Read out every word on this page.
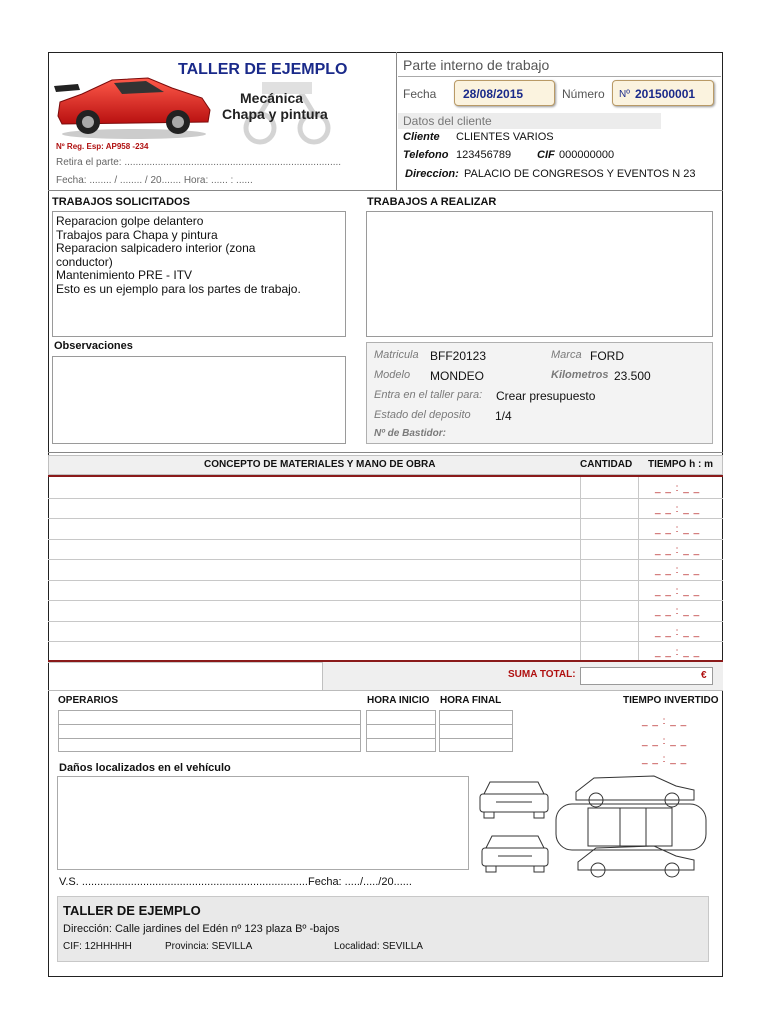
TALLER DE EJEMPLO
Mecánica
Chapa y pintura
Nº Reg. Esp: AP958 -234
Retira el parte: ..............................................................................
Fecha: ........ / ........ / 20....... Hora: ...... : ......
Parte interno de trabajo
Fecha 28/08/2015	Número Nº 201500001
Datos del cliente
Cliente CLIENTES VARIOS
Telefono 123456789 CIF 000000000
Direccion: PALACIO DE CONGRESOS Y EVENTOS N 23
TRABAJOS SOLICITADOS
Reparacion golpe delantero
Trabajos para Chapa y pintura
Reparacion salpicadero interior (zona
conductor)
Mantenimiento PRE - ITV
Esto es un ejemplo para los partes de trabajo.
TRABAJOS A REALIZAR
Observaciones
Matricula BFF20123	Marca FORD
Modelo MONDEO	Kilometros 23.500
Entra en el taller para: Crear presupuesto
Estado del deposito 1/4
Nº de Bastidor:
CONCEPTO DE MATERIALES Y MANO DE OBRA	CANTIDAD TIEMPO h : m
_ _ : _ _
_ _ : _ _
_ _ : _ _
_ _ : _ _
_ _ : _ _
_ _ : _ _
_ _ : _ _
_ _ : _ _
_ _ : _ _
SUMA TOTAL:	€
OPERARIOS	HORA INICIO HORA FINAL	TIEMPO INVERTIDO
_ _ : _ _
_ _ : _ _
_ _ : _ _
Daños localizados en el vehículo
V.S. ..........................................................................Fecha: ...../...../20......
TALLER DE EJEMPLO
Dirección: Calle jardines del Edén nº 123 plaza Bº -bajos
CIF: 12HHHHH	Provincia: SEVILLA	Localidad: SEVILLA
